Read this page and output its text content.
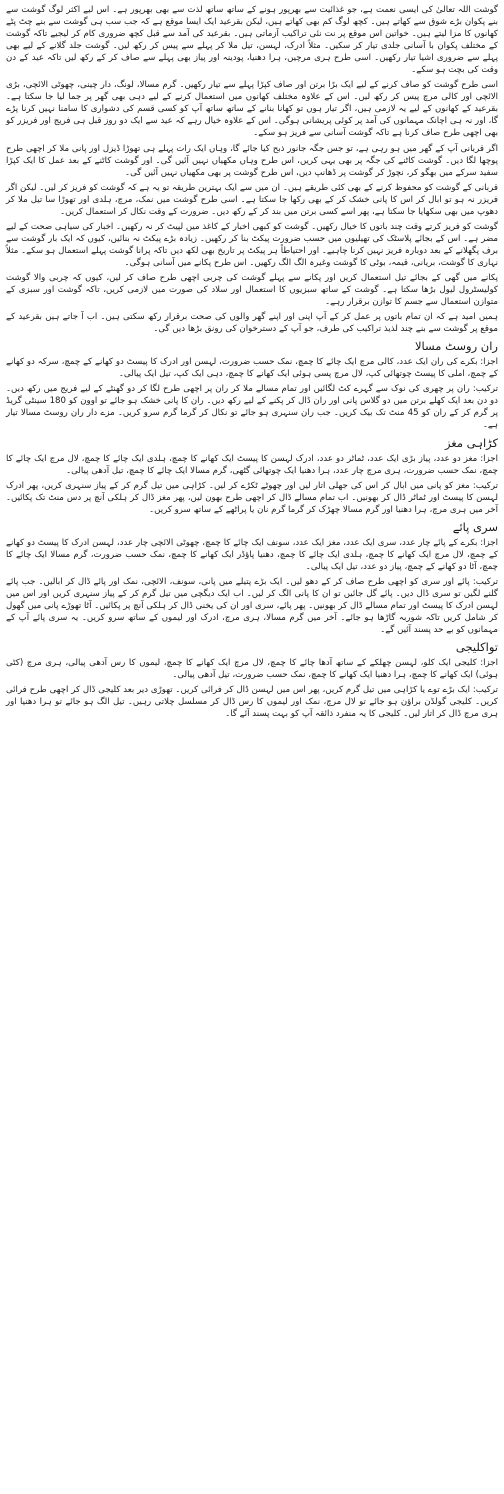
گوشت اللہ تعالیٰ کی ایسی نعمت ہے، جو غذائیت سے بھرپور ہونے کے ساتھ ساتھ لذت سے بھی بھرپور ہے۔ اس لیے اکثر لوگ گوشت سے بنے پکوان بڑے شوق سے کھاتے ہیں۔ کچھ لوگ کم بھی کھاتے ہیں، لیکن بقرعید ایک ایسا موقع ہے کہ جب سب ہی گوشت سے بنے چٹ پٹے کھانوں کا مزا لیتے ہیں۔ خواتین اس موقع پر نت نئی تراکیب آزماتی ہیں۔ بقرعید کی آمد سے قبل کچھ ضروری کام کر لیجیے تاکہ گوشت کے مختلف پکوان با آسانی جلدی تیار کر سکیں۔ مثلاً ادرک، لہسن، تیل ملا کر پہلے سے پیس کر رکھ لیں۔ گوشت جلد گلانے کے لیے بھی پہلے سے ضروری اشیا تیار رکھیں۔ اسی طرح ہری مرچیں، ہرا دھنیا، پودینہ اور پیاز بھی پہلے سے صاف کر کے رکھ لیں تاکہ عید کے دن وقت کی بچت ہو سکے۔

اسی طرح گوشت کو صاف کرنے کے لیے ایک بڑا برتن اور صاف کپڑا پہلے سے تیار رکھیں۔ گرم مسالا، لونگ، دار چینی، چھوٹی الائچی، بڑی الائچی اور کالی مرچ پیس کر رکھ لیں۔ اس کے علاوہ مختلف کھانوں میں استعمال کرنے کے لیے دہی بھی گھر پر جما لیا جا سکتا ہے۔ بقرعید کے کھانوں کے لیے یہ لازمی ہیں، اگر تیار ہوں تو کھانا بنانے کے ساتھ ساتھ آپ کو کسی قسم کی دشواری کا سامنا نہیں کرنا پڑے گا، اور نہ ہی اچانک مہمانوں کی آمد پر کوئی پریشانی ہوگی۔ اس کے علاوہ خیال رہے کہ عید سے ایک دو روز قبل ہی فریج اور فریزر کو بھی اچھی طرح صاف کرنا ہے تاکہ گوشت آسانی سے فریز ہو سکے۔

اگر قربانی آپ کے گھر میں ہو رہی ہے، تو جس جگہ جانور ذبح کیا جائے گا، وہاں ایک رات پہلے ہی تھوڑا ڈیزل اور پانی ملا کر اچھی طرح پوچھا لگا دیں۔ گوشت کاٹنے کی جگہ پر بھی یہی کریں، اس طرح وہاں مکھیاں نہیں آئیں گی۔ اور گوشت کاٹنے کے بعد عمل کا ایک کپڑا سفید سرکے میں بھگو کر، نچوڑ کر گوشت پر ڈھانپ دیں، اس طرح گوشت پر بھی مکھیاں نہیں آئیں گی۔

قربانی کے گوشت کو محفوظ کرنے کے بھی کئی طریقے ہیں۔ ان میں سے ایک بہترین طریقہ تو یہ ہے کہ گوشت کو فریز کر لیں۔ لیکن اگر فریزر نہ ہو تو ابال کر اس کا پانی خشک کر کے بھی رکھا جا سکتا ہے۔ اسی طرح گوشت میں نمک، مرچ، ہلدی اور تھوڑا سا تیل ملا کر دھوپ میں بھی سکھایا جا سکتا ہے، پھر اسے کسی برتن میں بند کر کے رکھ دیں۔ ضرورت کے وقت نکال کر استعمال کریں۔

گوشت کو فریز کرتے وقت چند باتوں کا خیال رکھیں۔ گوشت کو کبھی اخبار کے کاغذ میں لپیٹ کر نہ رکھیں۔ اخبار کی سیاہی صحت کے لیے مضر ہے۔ اس کے بجائے پلاسٹک کی تھیلیوں میں حسب ضرورت پیکٹ بنا کر رکھیں۔ زیادہ بڑے پیکٹ نہ بنائیں، کیوں کہ ایک بار گوشت سے برف پگھلانے کے بعد دوبارہ فریز نہیں کرنا چاہیے۔ اور احتیاطاً ہر پیکٹ پر تاریخ بھی لکھ دیں تاکہ پرانا گوشت پہلے استعمال ہو سکے۔ مثلاً نہاری کا گوشت، بریانی، قیمہ، بوٹی کا گوشت وغیرہ الگ الگ رکھیں۔ اس طرح پکانے میں آسانی ہوگی۔

پکانے میں گھی کے بجائے تیل استعمال کریں اور پکانے سے پہلے گوشت کی چربی اچھی طرح صاف کر لیں، کیوں کہ چربی والا گوشت کولیسٹرول لیول بڑھا سکتا ہے۔ گوشت کے ساتھ سبزیوں کا استعمال اور سلاد کی صورت میں لازمی کریں، تاکہ گوشت اور سبزی کے متوازن استعمال سے جسم کا توازن برقرار رہے۔

ہمیں امید ہے کہ ان تمام باتوں پر عمل کر کے آپ اپنی اور اپنے گھر والوں کی صحت برقرار رکھ سکتی ہیں۔ اب آ جاتے ہیں بقرعید کے موقع پر گوشت سے بنے چند لذیذ تراکیب کی طرف، جو آپ کے دسترخوان کی رونق بڑھا دیں گی۔

ران روسٹ مسالا

اجزا: بکرے کی ران ایک عدد، کالی مرچ ایک چائے کا چمچ، نمک حسب ضرورت، لہسن اور ادرک کا پیسٹ دو کھانے کے چمچ، سرکہ دو کھانے کے چمچ، املی کا پیسٹ چوتھائی کپ، لال مرچ پسی ہوئی ایک کھانے کا چمچ، دہی ایک کپ، تیل ایک پیالی۔

ترکیب: ران پر چھری کی نوک سے گہرے کٹ لگائیں اور تمام مسالے ملا کر ران پر اچھی طرح لگا کر دو گھنٹے کے لیے فریج میں رکھ دیں۔ دو دن بعد ایک کھلے برتن میں دو گلاس پانی اور ران ڈال کر پکنے کے لیے رکھ دیں۔ ران کا پانی خشک ہو جائے تو اوون کو 180 سینٹی گریڈ پر گرم کر کے ران کو 45 منٹ تک بیک کریں۔ جب ران سنہری ہو جائے تو نکال کر گرما گرم سرو کریں۔ مزے دار ران روسٹ مسالا تیار ہے۔

کڑاہی مغز

اجزا: مغز دو عدد، پیاز بڑی ایک عدد، ٹماٹر دو عدد، ادرک لہسن کا پیسٹ ایک کھانے کا چمچ، ہلدی ایک چائے کا چمچ، لال مرچ ایک چائے کا چمچ، نمک حسب ضرورت، ہری مرچ چار عدد، ہرا دھنیا ایک چوتھائی گٹھی، گرم مسالا ایک چائے کا چمچ، تیل آدھی پیالی۔

ترکیب: مغز کو پانی میں ابال کر اس کی جھلی اتار لیں اور چھوٹے ٹکڑے کر لیں۔ کڑاہی میں تیل گرم کر کے پیاز سنہری کریں، پھر ادرک لہسن کا پیسٹ اور ٹماٹر ڈال کر بھونیں۔ اب تمام مسالے ڈال کر اچھی طرح بھون لیں، پھر مغز ڈال کر ہلکی آنچ پر دس منٹ تک پکائیں۔ آخر میں ہری مرچ، ہرا دھنیا اور گرم مسالا چھڑک کر گرما گرم نان یا پراٹھے کے ساتھ سرو کریں۔

سری پائے

اجزا: بکرے کے پائے چار عدد، سری ایک عدد، مغز ایک عدد، سونف ایک چائے کا چمچ، چھوٹی الائچی چار عدد، لہسن ادرک کا پیسٹ دو کھانے کے چمچ، لال مرچ ایک کھانے کا چمچ، ہلدی ایک چائے کا چمچ، دھنیا پاؤڈر ایک کھانے کا چمچ، نمک حسب ضرورت، گرم مسالا ایک چائے کا چمچ، آٹا دو کھانے کے چمچ، پیاز دو عدد، تیل ایک پیالی۔

ترکیب: پائے اور سری کو اچھی طرح صاف کر کے دھو لیں۔ ایک بڑے پتیلے میں پانی، سونف، الائچی، نمک اور پائے ڈال کر ابالیں۔ جب پائے گلنے لگیں تو سری ڈال دیں۔ پائے گل جائیں تو ان کا پانی الگ کر لیں۔ اب ایک دیگچی میں تیل گرم کر کے پیاز سنہری کریں اور اس میں لہسن ادرک کا پیسٹ اور تمام مسالے ڈال کر بھونیں۔ پھر پائے، سری اور ان کی یخنی ڈال کر ہلکی آنچ پر پکائیں۔ آٹا تھوڑے پانی میں گھول کر شامل کریں تاکہ شوربہ گاڑھا ہو جائے۔ آخر میں گرم مسالا، ہری مرچ، ادرک اور لیموں کے ساتھ سرو کریں۔ یہ سری پائے آپ کے مہمانوں کو بے حد پسند آئیں گے۔

تواکلیجی

اجزا: کلیجی ایک کلو، لہسن چھلکے کے ساتھ آدھا چائے کا چمچ، لال مرچ ایک کھانے کا چمچ، لیموں کا رس آدھی پیالی، ہری مرچ (کٹی ہوئی) ایک کھانے کا چمچ، ہرا دھنیا ایک کھانے کا چمچ، نمک حسب ضرورت، تیل آدھی پیالی۔

ترکیب: ایک بڑے توے یا کڑاہی میں تیل گرم کریں، پھر اس میں لہسن ڈال کر فرائی کریں۔ تھوڑی دیر بعد کلیجی ڈال کر اچھی طرح فرائی کریں۔ کلیجی گولڈن براؤن ہو جائے تو لال مرچ، نمک اور لیموں کا رس ڈال کر مسلسل چلاتی رہیں۔ تیل الگ ہو جائے تو ہرا دھنیا اور ہری مرچ ڈال کر اتار لیں۔ کلیجی کا یہ منفرد ذائقہ آپ کو بہت پسند آئے گا۔
